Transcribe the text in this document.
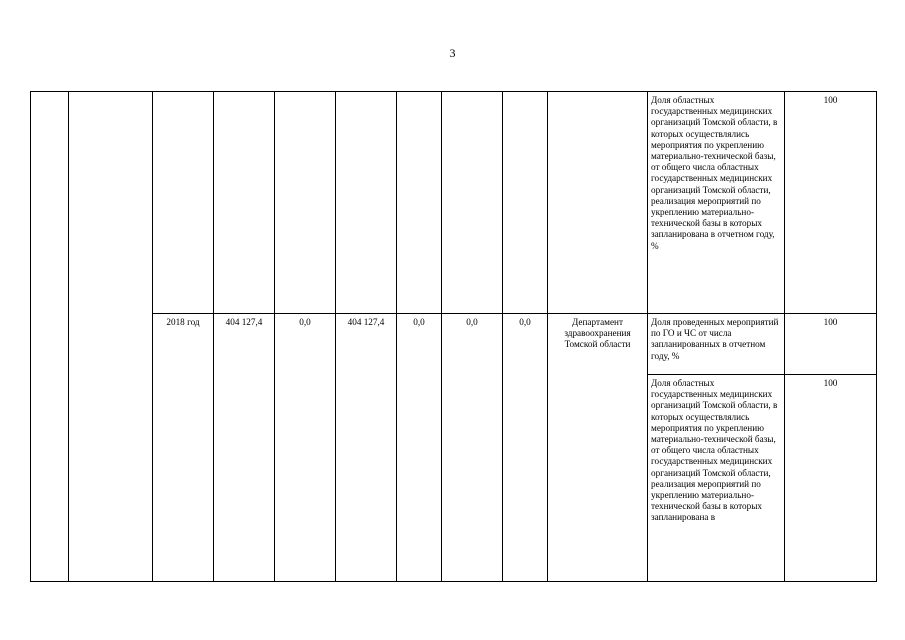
3
										Доля областных государственных медицинских организаций Томской области, в которых осуществлялись мероприятия по укреплению материально-технической базы, от общего числа областных государственных медицинских организаций Томской области, реализация мероприятий по укреплению материально-технической базы в которых запланирована в отчетном году, %	100
		2018 год	404 127,4	0,0	404 127,4	0,0	0,0	0,0	Департамент здравоохранения Томской области	Доля проведенных мероприятий по ГО и ЧС от числа запланированных в отчетном году, %	100
										Доля областных государственных медицинских организаций Томской области, в которых осуществлялись мероприятия по укреплению материально-технической базы, от общего числа областных государственных медицинских организаций Томской области, реализация мероприятий по укреплению материально-технической базы в которых запланирована в	100
